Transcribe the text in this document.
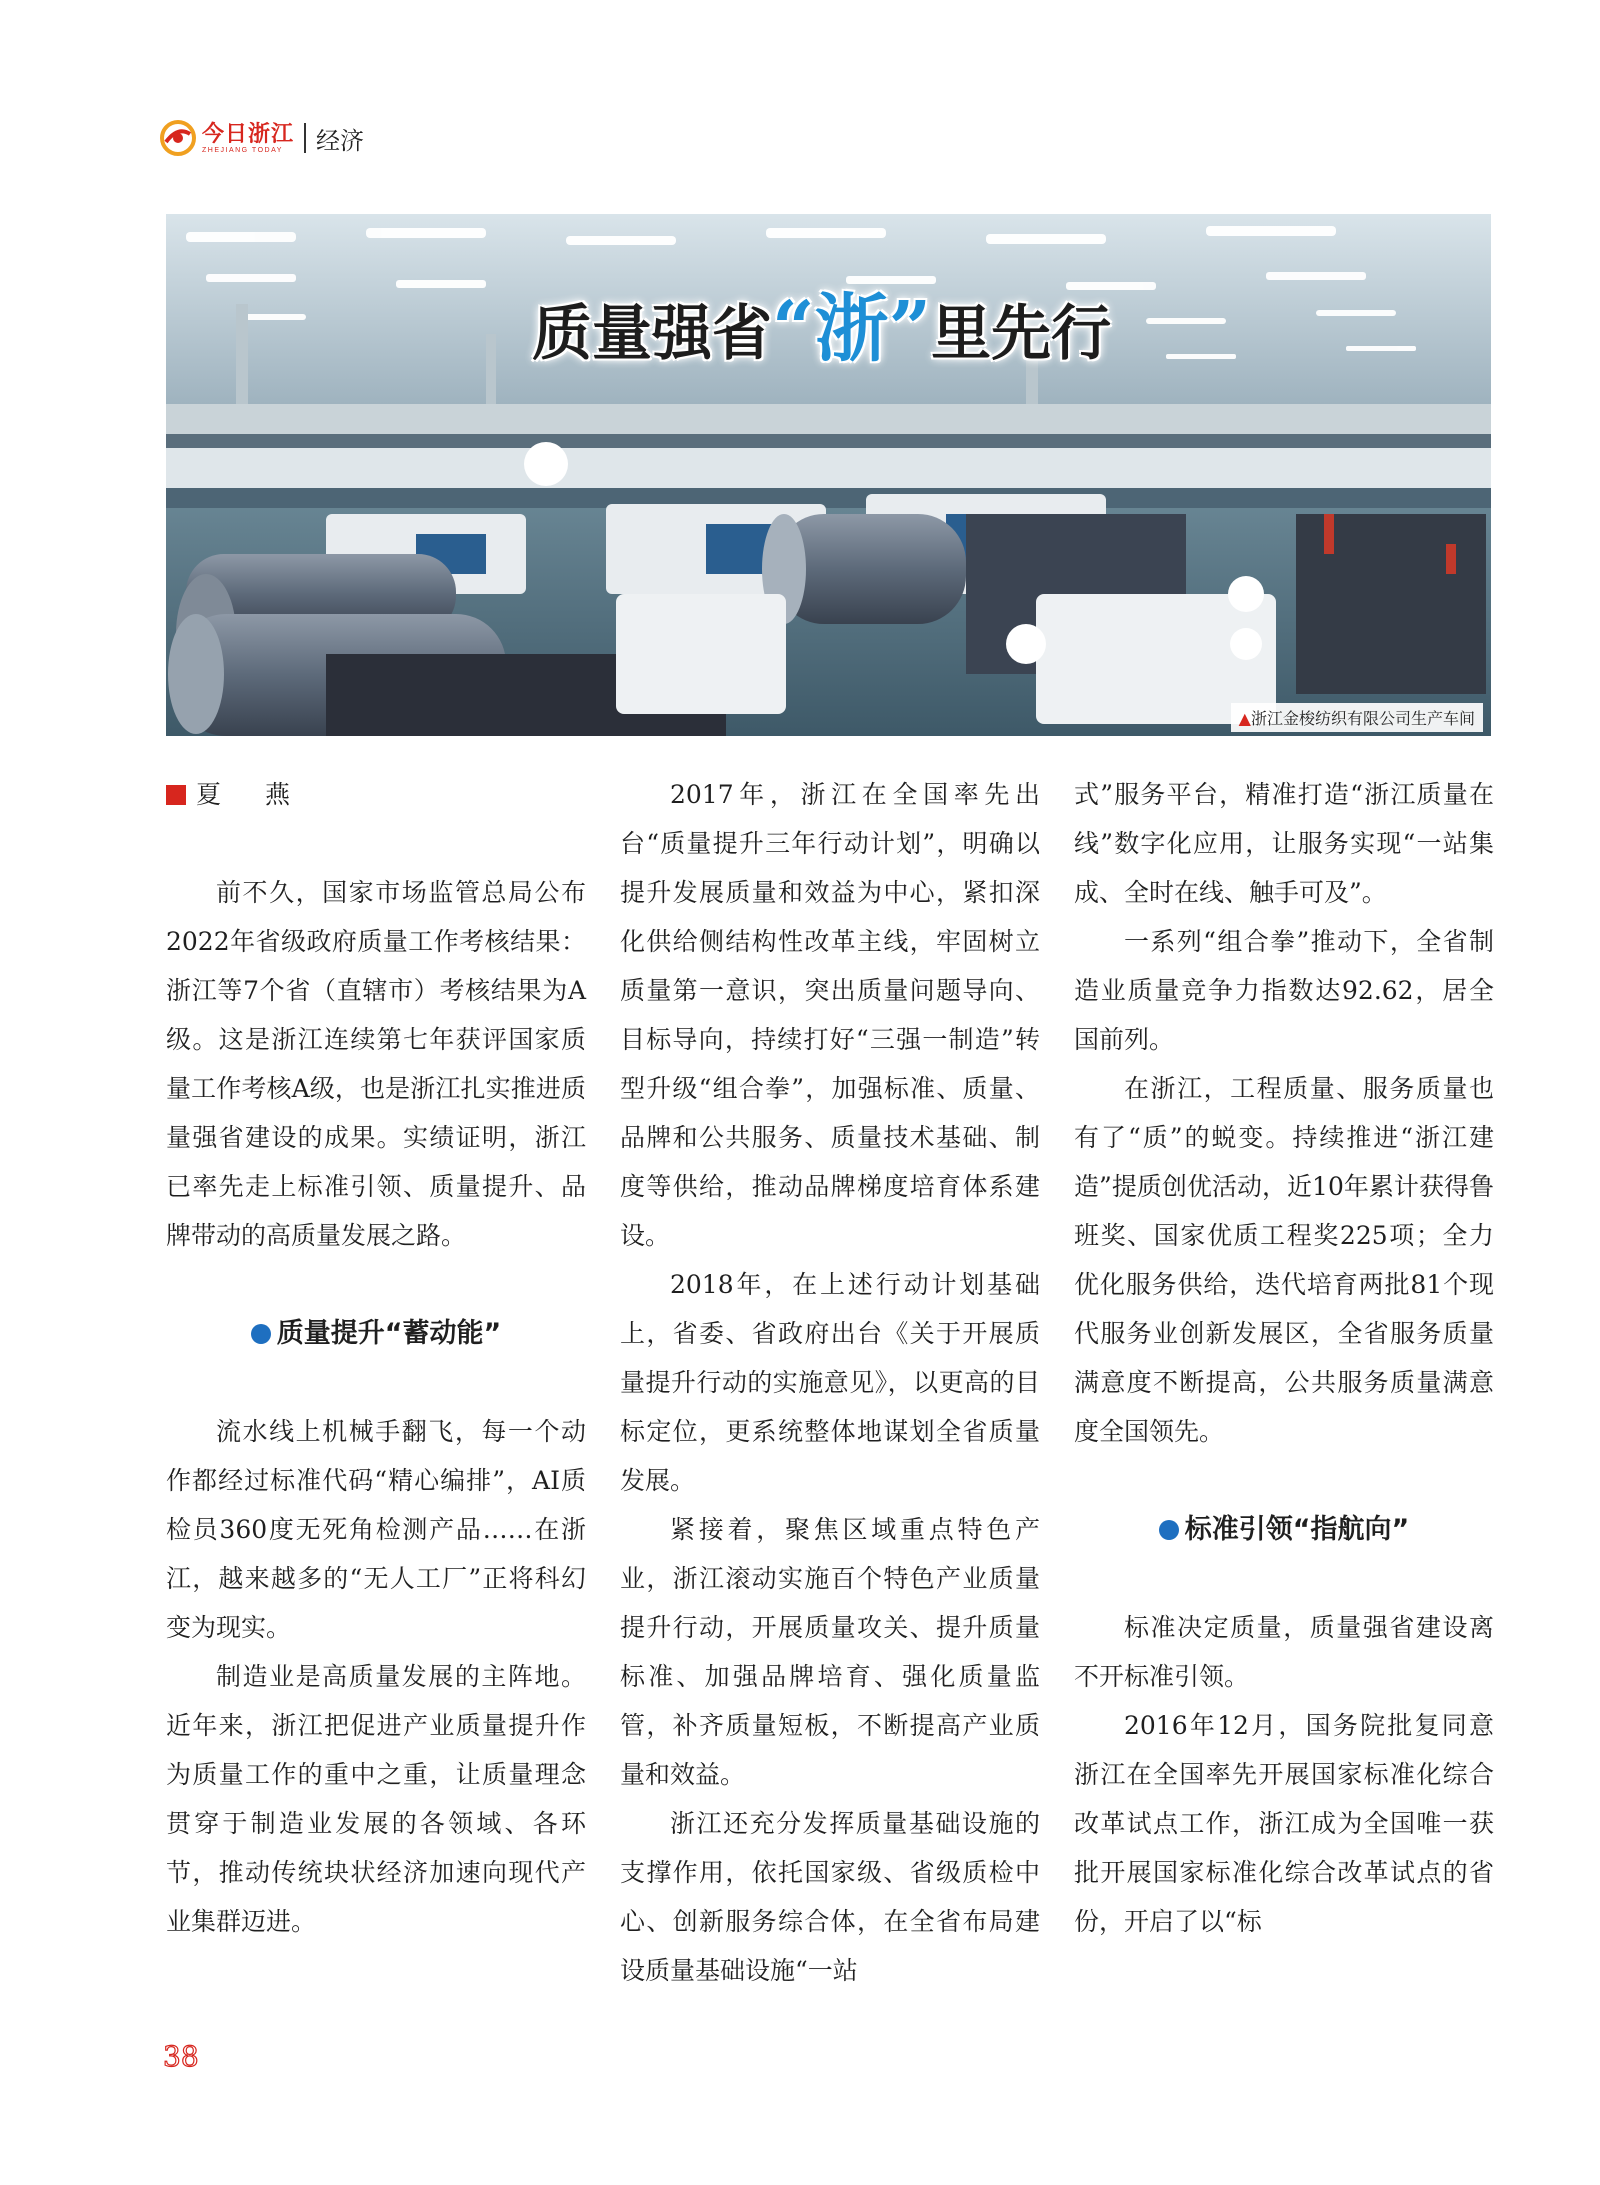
今日浙江
ZHEJIANG TODAY	经济
质量强省“浙”里先行
▲浙江金梭纺织有限公司生产车间
夏 燕

前不久，国家市场监管总局公布2022年省级政府质量工作考核结果：浙江等7个省（直辖市）考核结果为A级。这是浙江连续第七年获评国家质量工作考核A级，也是浙江扎实推进质量强省建设的成果。实绩证明，浙江已率先走上标准引领、质量提升、品牌带动的高质量发展之路。

质量提升“蓄动能”

流水线上机械手翻飞，每一个动作都经过标准代码“精心编排”，AI质检员360度无死角检测产品……在浙江，越来越多的“无人工厂”正将科幻变为现实。

制造业是高质量发展的主阵地。近年来，浙江把促进产业质量提升作为质量工作的重中之重，让质量理念贯穿于制造业发展的各领域、各环节，推动传统块状经济加速向现代产业集群迈进。

2017年，浙江在全国率先出台“质量提升三年行动计划”，明确以提升发展质量和效益为中心，紧扣深化供给侧结构性改革主线，牢固树立质量第一意识，突出质量问题导向、目标导向，持续打好“三强一制造”转型升级“组合拳”，加强标准、质量、品牌和公共服务、质量技术基础、制度等供给，推动品牌梯度培育体系建设。

2018年，在上述行动计划基础上，省委、省政府出台《关于开展质量提升行动的实施意见》，以更高的目标定位，更系统整体地谋划全省质量发展。

紧接着，聚焦区域重点特色产业，浙江滚动实施百个特色产业质量提升行动，开展质量攻关、提升质量标准、加强品牌培育、强化质量监管，补齐质量短板，不断提高产业质量和效益。

浙江还充分发挥质量基础设施的支撑作用，依托国家级、省级质检中心、创新服务综合体，在全省布局建设质量基础设施“一站

式”服务平台，精准打造“浙江质量在线”数字化应用，让服务实现“一站集成、全时在线、触手可及”。

一系列“组合拳”推动下，全省制造业质量竞争力指数达92.62，居全国前列。

在浙江，工程质量、服务质量也有了“质”的蜕变。持续推进“浙江建造”提质创优活动，近10年累计获得鲁班奖、国家优质工程奖225项；全力优化服务供给，迭代培育两批81个现代服务业创新发展区，全省服务质量满意度不断提高，公共服务质量满意度全国领先。

标准引领“指航向”

标准决定质量，质量强省建设离不开标准引领。

2016年12月，国务院批复同意浙江在全国率先开展国家标准化综合改革试点工作，浙江成为全国唯一获批开展国家标准化综合改革试点的省份，开启了以“标

38
